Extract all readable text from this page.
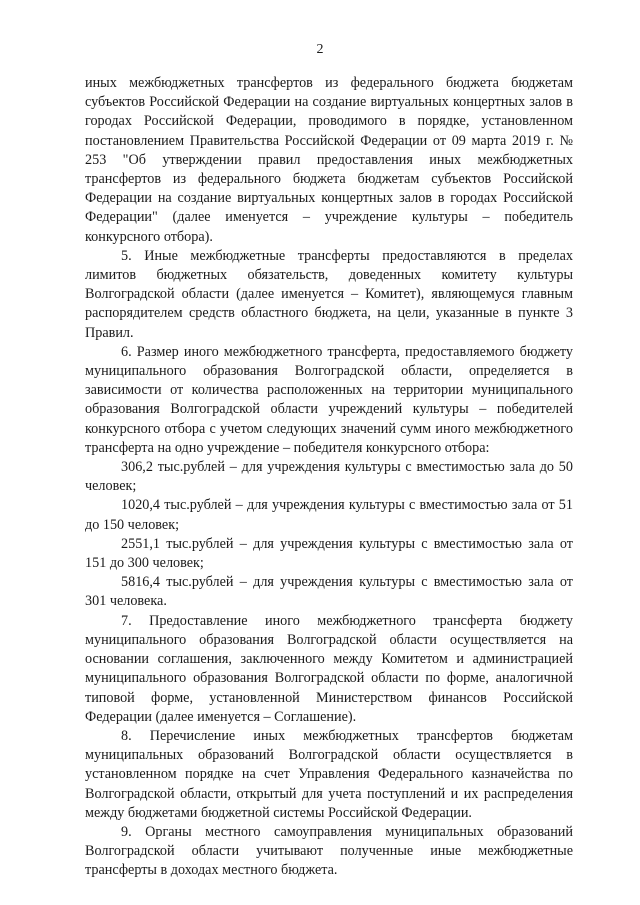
2

иных межбюджетных трансфертов из федерального бюджета бюджетам субъектов Российской Федерации на создание виртуальных концертных залов в городах Российской Федерации, проводимого в порядке, установленном постановлением Правительства Российской Федерации от 09 марта 2019 г. № 253 "Об утверждении правил предоставления иных межбюджетных трансфертов из федерального бюджета бюджетам субъектов Российской Федерации на создание виртуальных концертных залов в городах Российской Федерации" (далее именуется – учреждение культуры – победитель конкурсного отбора).

5. Иные межбюджетные трансферты предоставляются в пределах лимитов бюджетных обязательств, доведенных комитету культуры Волгоградской области (далее именуется – Комитет), являющемуся главным распорядителем средств областного бюджета, на цели, указанные в пункте 3 Правил.

6. Размер иного межбюджетного трансферта, предоставляемого бюджету муниципального образования Волгоградской области, определяется в зависимости от количества расположенных на территории муниципального образования Волгоградской области учреждений культуры – победителей конкурсного отбора с учетом следующих значений сумм иного межбюджетного трансферта на одно учреждение – победителя конкурсного отбора:

306,2 тыс.рублей – для учреждения культуры с вместимостью зала до 50 человек;

1020,4 тыс.рублей – для учреждения культуры с вместимостью зала от 51 до 150 человек;

2551,1 тыс.рублей – для учреждения культуры с вместимостью зала от 151 до 300 человек;

5816,4 тыс.рублей – для учреждения культуры с вместимостью зала от 301 человека.

7. Предоставление иного межбюджетного трансферта бюджету муниципального образования Волгоградской области осуществляется на основании соглашения, заключенного между Комитетом и администрацией муниципального образования Волгоградской области по форме, аналогичной типовой форме, установленной Министерством финансов Российской Федерации (далее именуется – Соглашение).

8. Перечисление иных межбюджетных трансфертов бюджетам муниципальных образований Волгоградской области осуществляется в установленном порядке на счет Управления Федерального казначейства по Волгоградской области, открытый для учета поступлений и их распределения между бюджетами бюджетной системы Российской Федерации.

9. Органы местного самоуправления муниципальных образований Волгоградской области учитывают полученные иные межбюджетные трансферты в доходах местного бюджета.
